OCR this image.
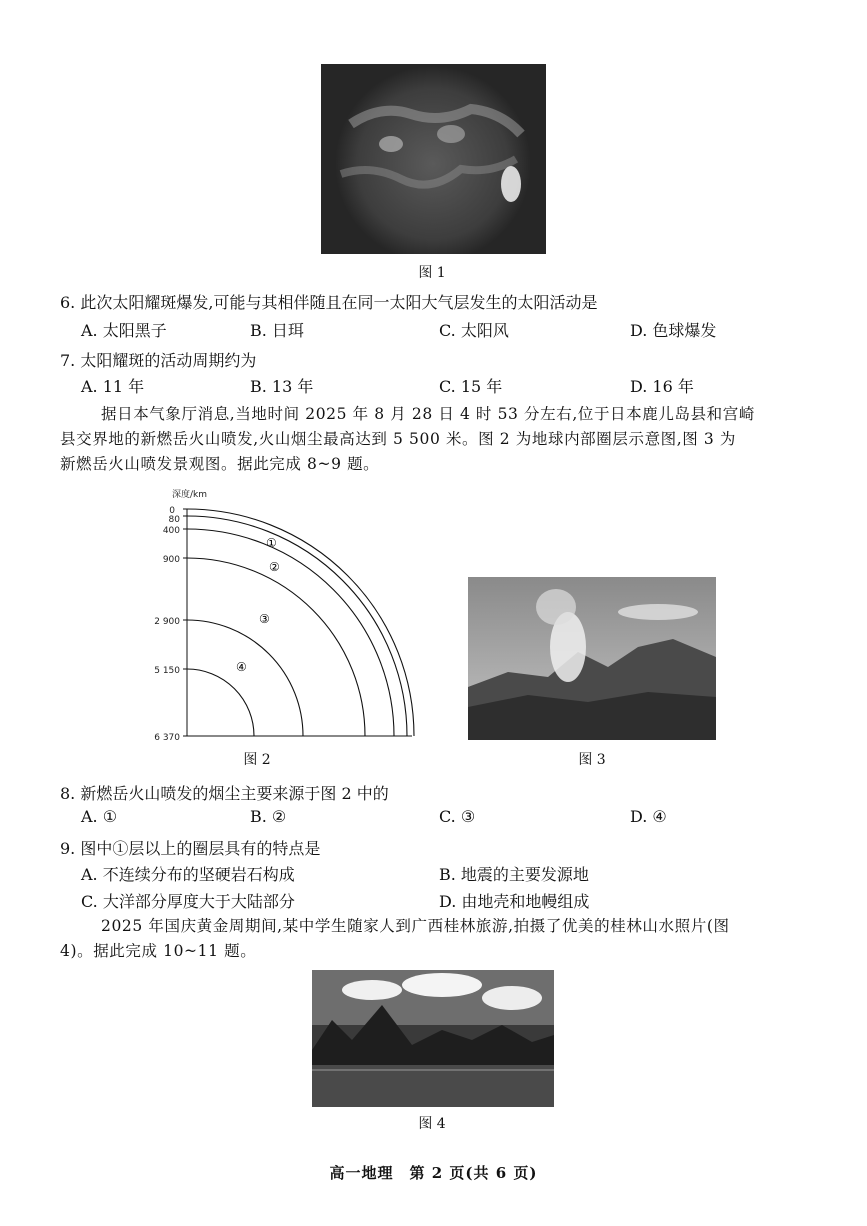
图 1
6. 此次太阳耀斑爆发,可能与其相伴随且在同一太阳大气层发生的太阳活动是
A. 太阳黑子	B. 日珥	C. 太阳风	D. 色球爆发
7. 太阳耀斑的活动周期约为
A. 11 年	B. 13 年	C. 15 年	D. 16 年
据日本气象厅消息,当地时间 2025 年 8 月 28 日 4 时 53 分左右,位于日本鹿儿岛县和宫崎
县交界地的新燃岳火山喷发,火山烟尘最高达到 5 500 米。图 2 为地球内部圈层示意图,图 3 为
新燃岳火山喷发景观图。据此完成 8~9 题。
深度/km
0
80
400
900
2 900
5 150
6 370
①
②
③
④
图 2	图 3
8. 新燃岳火山喷发的烟尘主要来源于图 2 中的
A. ①	B. ②	C. ③	D. ④
9. 图中①层以上的圈层具有的特点是
A. 不连续分布的坚硬岩石构成	B. 地震的主要发源地
C. 大洋部分厚度大于大陆部分	D. 由地壳和地幔组成
2025 年国庆黄金周期间,某中学生随家人到广西桂林旅游,拍摄了优美的桂林山水照片(图
4)。据此完成 10~11 题。
图 4
高一地理　第 2 页(共 6 页)
